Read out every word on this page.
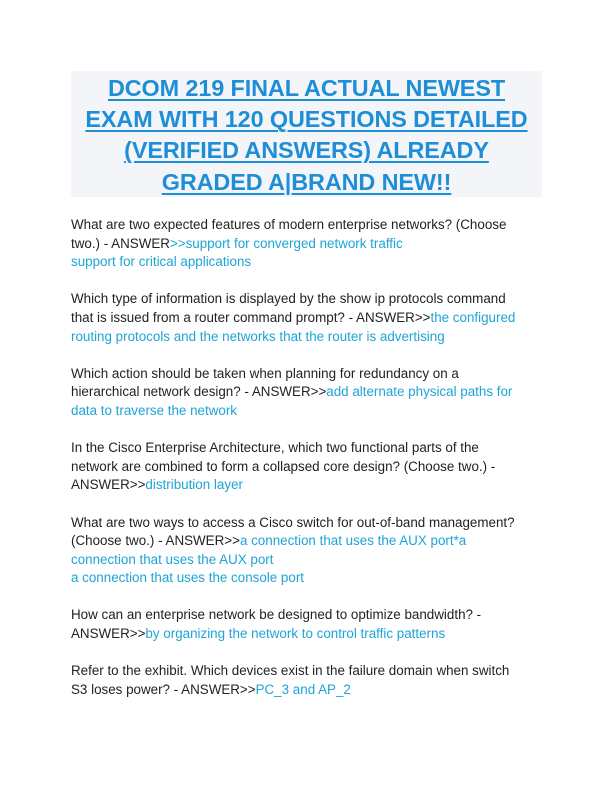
DCOM 219 FINAL ACTUAL NEWEST
EXAM WITH 120 QUESTIONS DETAILED
(VERIFIED ANSWERS) ALREADY
GRADED A|BRAND NEW!!
What are two expected features of modern enterprise networks? (Choose
two.) - ANSWER>>support for converged network traffic
support for critical applications
Which type of information is displayed by the show ip protocols command
that is issued from a router command prompt? - ANSWER>>the configured
routing protocols and the networks that the router is advertising
Which action should be taken when planning for redundancy on a
hierarchical network design? - ANSWER>>add alternate physical paths for
data to traverse the network
In the Cisco Enterprise Architecture, which two functional parts of the
network are combined to form a collapsed core design? (Choose two.) -
ANSWER>>distribution layer
What are two ways to access a Cisco switch for out-of-band management?
(Choose two.) - ANSWER>>a connection that uses the AUX port*a
connection that uses the AUX port
a connection that uses the console port
How can an enterprise network be designed to optimize bandwidth? -
ANSWER>>by organizing the network to control traffic patterns
Refer to the exhibit. Which devices exist in the failure domain when switch
S3 loses power? - ANSWER>>PC_3 and AP_2
